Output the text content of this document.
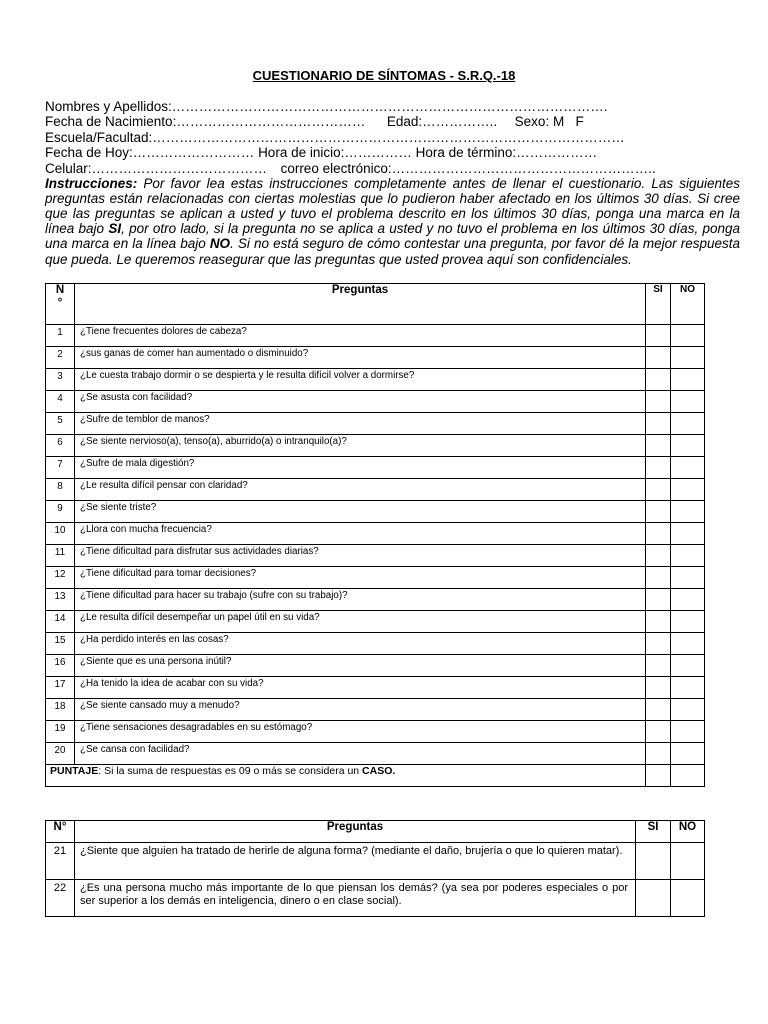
CUESTIONARIO DE SÍNTOMAS - S.R.Q.-18
Nombres y Apellidos:…………………………………………………………………………………….
Fecha de Nacimiento:…………………………………… Edad:…………….. Sexo: M   F
Escuela/Facultad:……………………………………………………………………………………………
Fecha de Hoy:……………………… Hora de inicio:…………… Hora de término:………………
Celular:………………………………… correo electrónico:…………………………………………………..
Instrucciones: Por favor lea estas instrucciones completamente antes de llenar el cuestionario. Las siguientes preguntas están relacionadas con ciertas molestias que lo pudieron haber afectado en los últimos 30 días. Si cree que las preguntas se aplican a usted y tuvo el problema descrito en los últimos 30 días, ponga una marca en la línea bajo SI, por otro lado, si la pregunta no se aplica a usted y no tuvo el problema en los últimos 30 días, ponga una marca en la línea bajo NO. Si no está seguro de cómo contestar una pregunta, por favor dé la mejor respuesta que pueda. Le queremos reasegurar que las preguntas que usted provea aquí son confidenciales.
N
°	Preguntas	SI	NO
1	¿Tiene frecuentes dolores de cabeza?		
2	¿sus ganas de comer han aumentado o disminuido?		
3	¿Le cuesta trabajo dormir o se despierta y le resulta difícil volver a dormirse?		
4	¿Se asusta con facilidad?		
5	¿Sufre de temblor de manos?		
6	¿Se siente nervioso(a), tenso(a), aburrido(a) o intranquilo(a)?		
7	¿Sufre de mala digestión?		
8	¿Le resulta difícil pensar con claridad?		
9	¿Se siente triste?		
10	¿Llora con mucha frecuencia?		
11	¿Tiene dificultad para disfrutar sus actividades diarias?		
12	¿Tiene dificultad para tomar decisiones?		
13	¿Tiene dificultad para hacer su trabajo (sufre con su trabajo)?		
14	¿Le resulta difícil desempeñar un papel útil en su vida?		
15	¿Ha perdido interés en las cosas?		
16	¿Siente que es una persona inútil?		
17	¿Ha tenido la idea de acabar con su vida?		
18	¿Se siente cansado muy a menudo?		
19	¿Tiene sensaciones desagradables en su estómago?		
20	¿Se cansa con facilidad?		
PUNTAJE: Si la suma de respuestas es 09 o más se considera un CASO.			
N°	Preguntas	SI	NO
21	¿Siente que alguien ha tratado de herirle de alguna forma? (mediante el daño, brujería o que lo quieren matar).		
22	¿Es una persona mucho más importante de lo que piensan los demás? (ya sea por poderes especiales o por ser superior a los demás en inteligencia, dinero o en clase social).		
